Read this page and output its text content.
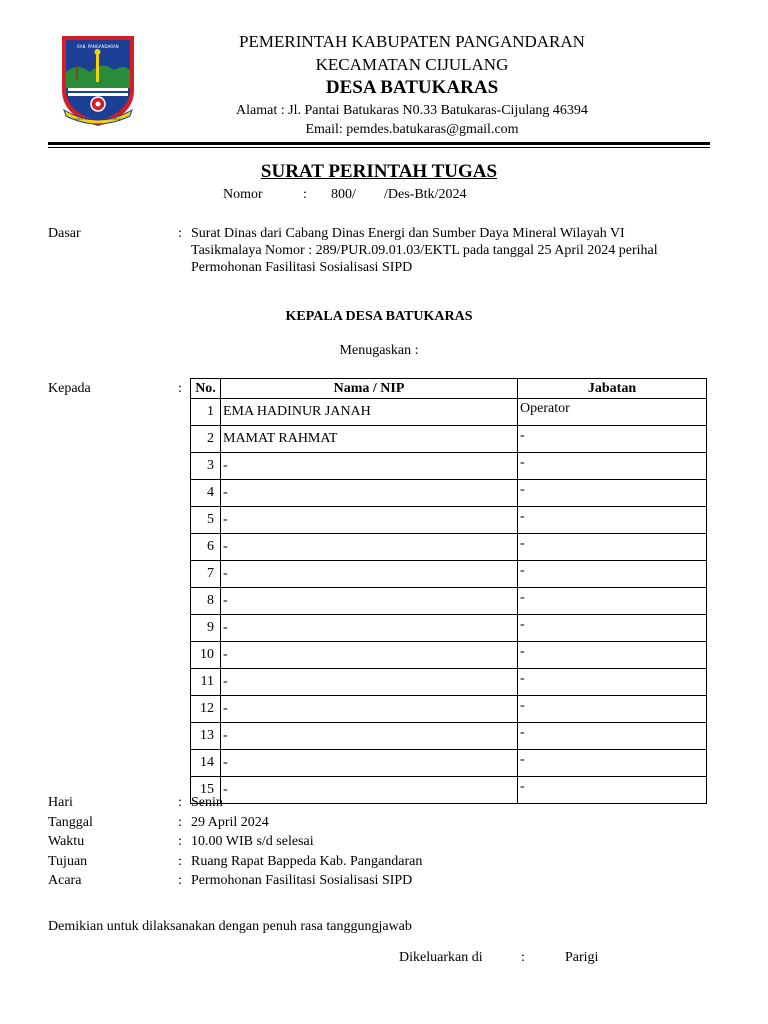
KAB. PANGANDARAN
MISTI SAMBA MAKARYA LEBUK
PEMERINTAH KABUPATEN PANGANDARAN
KECAMATAN CIJULANG
DESA BATUKARAS
Alamat : Jl. Pantai Batukaras N0.33 Batukaras-Cijulang 46394
Email: pemdes.batukaras@gmail.com
SURAT PERINTAH TUGAS
Nomor	: 800/ /Des-Btk/2024
Dasar	: Surat Dinas dari Cabang Dinas Energi dan Sumber Daya Mineral Wilayah VI
Tasikmalaya Nomor : 289/PUR.09.01.03/EKTL pada tanggal 25 April 2024 perihal
Permohonan Fasilitasi Sosialisasi SIPD
KEPALA DESA BATUKARAS
Menugaskan :
Kepada	: No.	Nama / NIP	Jabatan
1	EMA HADINUR JANAH	Operator
2	MAMAT RAHMAT	-
3	-	-
4	-	-
5	-	-
6	-	-
7	-	-
8	-	-
9	-	-
10	-	-
11	-	-
12	-	-
13	-	-
14	-	-
15	-	-
Hari	: Senin
Tanggal	: 29 April 2024
Waktu	: 10.00 WIB s/d selesai
Tujuan	: Ruang Rapat Bappeda Kab. Pangandaran
Acara	: Permohonan Fasilitasi Sosialisasi SIPD
Demikian untuk dilaksanakan dengan penuh rasa tanggungjawab
Dikeluarkan di	:	Parigi
